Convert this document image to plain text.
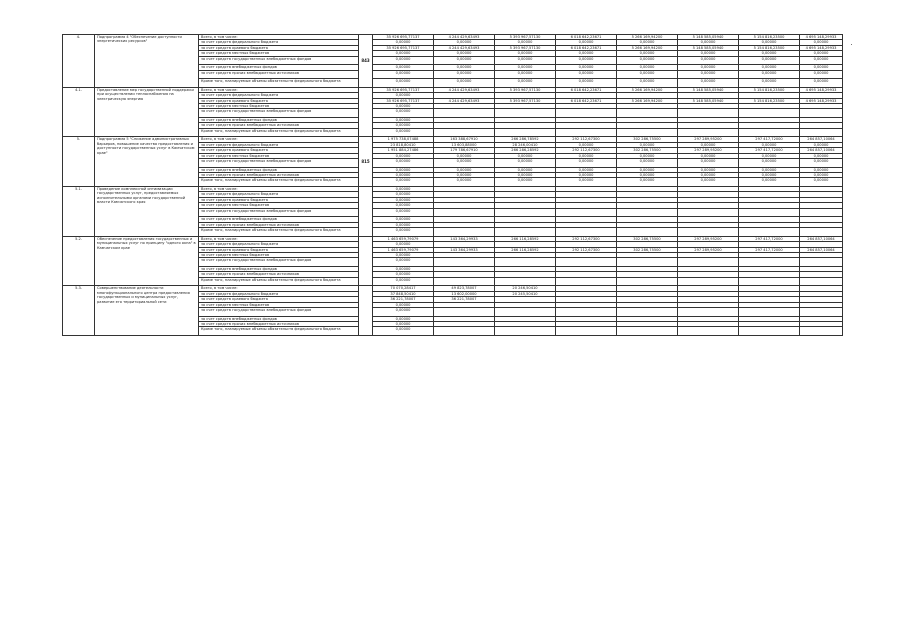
4.	Подпрограмма 4 "Обеспечение доступности энергетических ресурсов"	Всего, в том числе:	843	35 926 695,77137	4 244 429,63493	5 393 967,57130	6 018 642,23671	5 266 169,94200	5 148 585,05940	5 154 816,23500	4 695 148,29933
		за счет средств федерального бюджета		0,00000	0,00000	0,00000	0,00000	0,00000	0,00000	0,00000	0,00000
		за счет средств краевого бюджета		35 926 695,77137	4 244 429,63493	5 393 967,57130	6 018 642,23671	5 266 169,94200	5 148 585,05940	5 154 816,23500	4 695 148,29933
		за счет средств местных бюджетов		0,00000	0,00000	0,00000	0,00000	0,00000	0,00000	0,00000	0,00000
		за счет средств государственных внебюджетных фондов		0,00000	0,00000	0,00000	0,00000	0,00000	0,00000	0,00000	0,00000
		за счет средств внебюджетных фондов		0,00000	0,00000	0,00000	0,00000	0,00000	0,00000	0,00000	0,00000
		за счет средств прочих внебюджетных источников		0,00000	0,00000	0,00000	0,00000	0,00000	0,00000	0,00000	0,00000
		Кроме того, планируемые объемы обязательств федерального бюджета		0,00000	0,00000	0,00000	0,00000	0,00000	0,00000	0,00000	0,00000
4.1.	Предоставление мер государственной поддержки при осуществлении теплоснабжения на электрическую энергию	Всего, в том числе:		35 926 695,77137	4 244 429,63493	5 393 967,57130	6 018 642,23671	5 266 169,94200	5 148 585,05940	5 154 816,23500	4 695 148,29933
		за счет средств федерального бюджета		0,00000							
		за счет средств краевого бюджета		35 926 695,77137	4 244 429,63493	5 393 967,57130	6 018 642,23671	5 266 169,94200	5 148 585,05940	5 154 816,23500	4 695 148,29933
		за счет средств местных бюджетов		0,00000							
		за счет средств государственных внебюджетных фондов		0,00000							
		за счет средств внебюджетных фондов		0,00000							
		за счет средств прочих внебюджетных источников		0,00000							
		Кроме того, планируемые объемы обязательств федерального бюджета		0,00000							
5.	Подпрограмма 5 "Снижение административных барьеров, повышение качества предоставления и доступности государственных услуг в Камчатском крае"	Всего, в том числе:	815	1 975 738,07488	163 388,67910	266 286,78592	292 112,67300	302 286,75500	297 289,95200	297 417,72000	264 857,10064
		за счет средств федерального бюджета		23 818,80410	13 603,88000	28 246,00410	0,00000	0,00000	0,00000	0,00000	0,00000
		за счет средств краевого бюджета		1 951 884,27486	179 786,67910	266 286,28592	292 112,67300	302 286,75500	297 289,95200	297 417,72000	264 857,10064
		за счет средств местных бюджетов		0,00000	0,00000	0,00000	0,00000	0,00000	0,00000	0,00000	0,00000
		за счет средств государственных внебюджетных фондов		0,00000	0,00000	0,00000	0,00000	0,00000	0,00000	0,00000	0,00000
		за счет средств внебюджетных фондов		0,00000	0,00000	0,00000	0,00000	0,00000	0,00000	0,00000	0,00000
		за счет средств прочих внебюджетных источников		0,00000	0,00000	0,00000	0,00000	0,00000	0,00000	0,00000	0,00000
		Кроме того, планируемые объемы обязательств федерального бюджета		0,00000	0,00000	0,00000	0,00000	0,00000	0,00000	0,00000	0,00000
5.1.	Проведение комплексной оптимизации государственных услуг, предоставляемых исполнительными органами государственной власти Камчатского края	Всего, в том числе:		0,00000							
		за счет средств федерального бюджета		0,00000							
		за счет средств краевого бюджета		0,00000							
		за счет средств местных бюджетов		0,00000							
		за счет средств государственных внебюджетных фондов		0,00000							
		за счет средств внебюджетных фондов		0,00000							
		за счет средств прочих внебюджетных источников		0,00000							
		Кроме того, планируемые объемы обязательств федерального бюджета		0,00000							
5.2.	Обеспечение предоставления государственных и муниципальных услуг по принципу "одного окна" в Камчатском крае	Всего, в том числе:		1 463 659,79079	143 364,29933	266 116,28592	292 112,67300	302 286,75500	297 289,95200	297 417,72000	264 857,10064
		за счет средств федерального бюджета		0,00000							
		за счет средств краевого бюджета		1 463 659,79079	143 364,29933	266 116,28592	292 112,67300	302 286,75500	297 289,95200	297 417,72000	264 857,10064
		за счет средств местных бюджетов		0,00000							
		за счет средств государственных внебюджетных фондов		0,00000							
		за счет средств внебюджетных фондов		0,00000							
		за счет средств прочих внебюджетных источников		0,00000							
		Кроме того, планируемые объемы обязательств федерального бюджета		0,00000							
5.3.	Совершенствование деятельности многофункционального центра предоставления государственных и муниципальных услуг, развитие его территориальной сети	Всего, в том числе:		70 070,28417	49 823,78007	20 246,50410					
		за счет средств федерального бюджета		37 848,50410	13 602,00000	20 245,50410					
		за счет средств краевого бюджета		36 221,78007	36 221,78007						
		за счет средств местных бюджетов		0,00000							
		за счет средств государственных внебюджетных фондов		0,00000							
		за счет средств внебюджетных фондов		0,00000							
		за счет средств прочих внебюджетных источников		0,00000							
		Кроме того, планируемые объемы обязательств федерального бюджета		0,00000							
